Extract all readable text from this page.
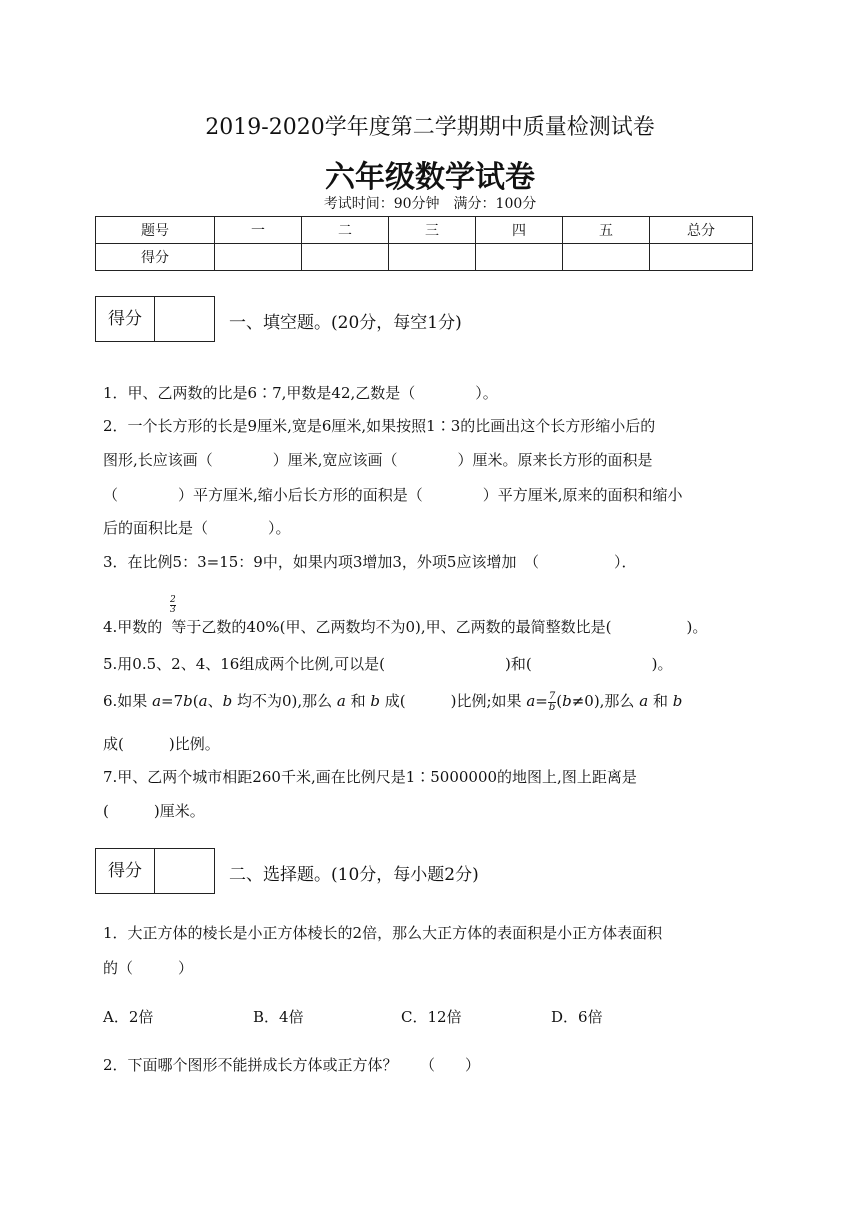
2019-2020学年度第二学期期中质量检测试卷
六年级数学试卷
考试时间：90分钟　满分：100分
题号	一	二	三	四	五	总分
得分						
得分	一、填空题。(20分，每空1分)
1．甲、乙两数的比是6∶7,甲数是42,乙数是（　　　　）。
2．一个长方形的长是9厘米,宽是6厘米,如果按照1∶3的比画出这个长方形缩小后的
图形,长应该画（　　　　）厘米,宽应该画（　　　　）厘米。原来长方形的面积是
（　　　　）平方厘米,缩小后长方形的面积是（　　　　）平方厘米,原来的面积和缩小
后的面积比是（　　　　）。
3．在比例5：3=15：9中，如果内项3增加3，外项5应该增加　（　　　　　）．
$\frac{2}{3}$
4.甲数的 等于乙数的40%(甲、乙两数均不为0),甲、乙两数的最简整数比是(　　　　　)。
5.用0.5、2、4、16组成两个比例,可以是(　　　　　　　　)和(　　　　　　　　)。
6.如果 a=7b(a、b 均不为0),那么 a 和 b 成(　　　)比例;如果 $a= \frac{7}{b} (b\ne 0)$,那么 a 和 b
成(　　　)比例。
7.甲、乙两个城市相距260千米,画在比例尺是1∶5000000的地图上,图上距离是
(　　　)厘米。
得分	二、选择题。(10分，每小题2分)
1．大正方体的棱长是小正方体棱长的2倍，那么大正方体的表面积是小正方体表面积
的（　　　）
A．2倍	B．4倍	C．12倍	D．6倍
2．下面哪个图形不能拼成长方体或正方体？　　（　　）
